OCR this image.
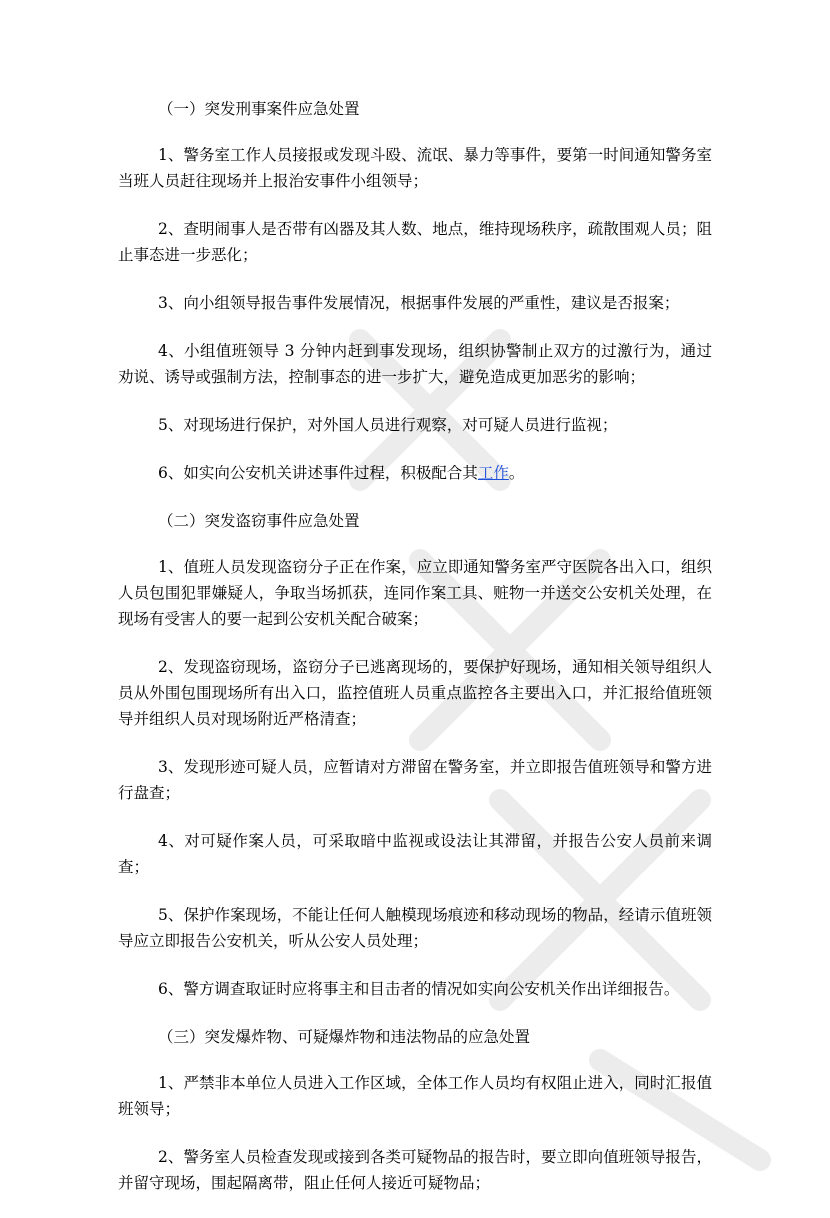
（一）突发刑事案件应急处置

1、警务室工作人员接报或发现斗殴、流氓、暴力等事件，要第一时间通知警务室当班人员赶往现场并上报治安事件小组领导；

2、查明闹事人是否带有凶器及其人数、地点，维持现场秩序，疏散围观人员；阻止事态进一步恶化；

3、向小组领导报告事件发展情况，根据事件发展的严重性，建议是否报案；

4、小组值班领导 3 分钟内赶到事发现场，组织协警制止双方的过激行为，通过劝说、诱导或强制方法，控制事态的进一步扩大，避免造成更加恶劣的影响；

5、对现场进行保护，对外国人员进行观察，对可疑人员进行监视；

6、如实向公安机关讲述事件过程，积极配合其工作。

（二）突发盗窃事件应急处置

1、值班人员发现盗窃分子正在作案，应立即通知警务室严守医院各出入口，组织人员包围犯罪嫌疑人，争取当场抓获，连同作案工具、赃物一并送交公安机关处理，在现场有受害人的要一起到公安机关配合破案；

2、发现盗窃现场，盗窃分子已逃离现场的，要保护好现场，通知相关领导组织人员从外围包围现场所有出入口，监控值班人员重点监控各主要出入口，并汇报给值班领导并组织人员对现场附近严格清查；

3、发现形迹可疑人员，应暂请对方滞留在警务室，并立即报告值班领导和警方进行盘查；

4、对可疑作案人员，可采取暗中监视或设法让其滞留，并报告公安人员前来调查；

5、保护作案现场，不能让任何人触模现场痕迹和移动现场的物品，经请示值班领导应立即报告公安机关，听从公安人员处理；

6、警方调查取证时应将事主和目击者的情况如实向公安机关作出详细报告。

（三）突发爆炸物、可疑爆炸物和违法物品的应急处置

1、严禁非本单位人员进入工作区域，全体工作人员均有权阻止进入，同时汇报值班领导；

2、警务室人员检查发现或接到各类可疑物品的报告时，要立即向值班领导报告，并留守现场，围起隔离带，阻止任何人接近可疑物品；
